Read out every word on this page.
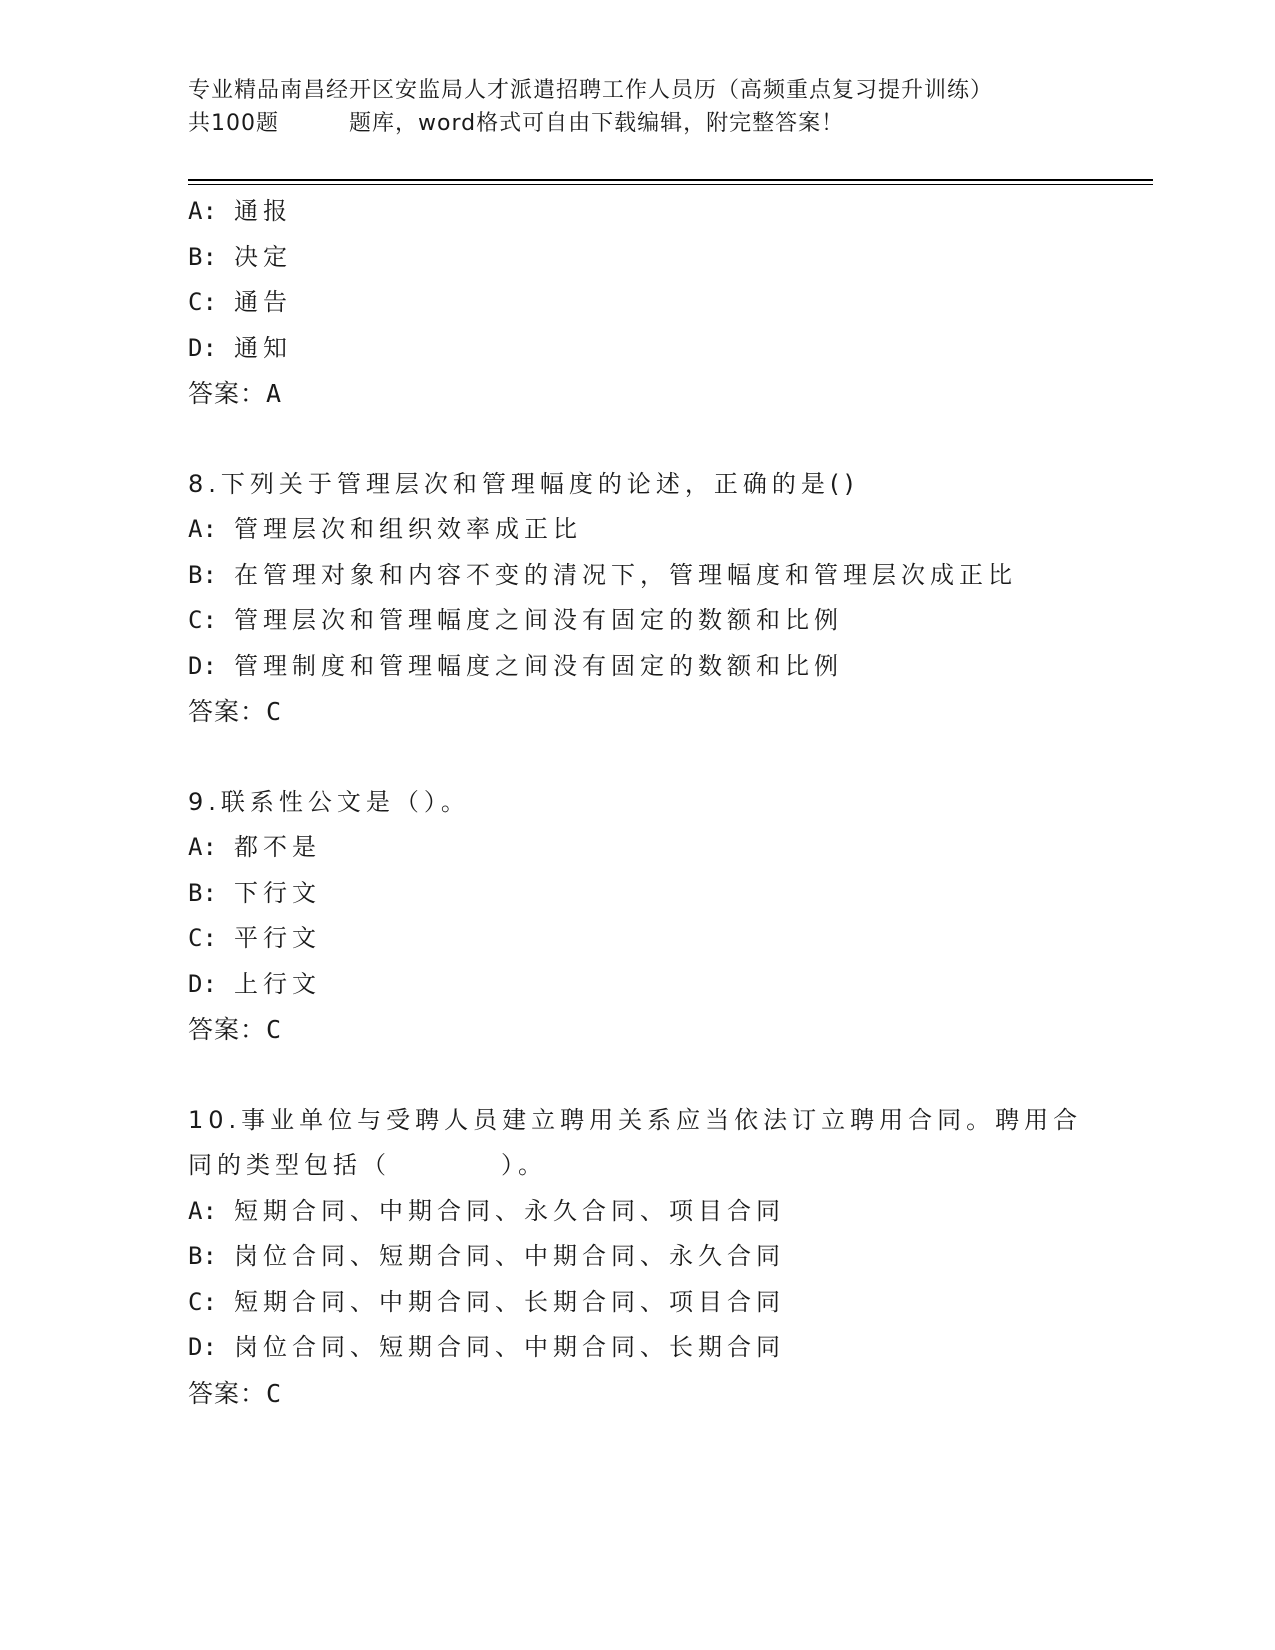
专业精品南昌经开区安监局人才派遣招聘工作人员历（高频重点复习提升训练）
共100题	题库，word格式可自由下载编辑，附完整答案！

A: 通报

B: 决定

C: 通告

D: 通知

答案：A

8.下列关于管理层次和管理幅度的论述，正确的是()

A: 管理层次和组织效率成正比

B: 在管理对象和内容不变的清况下，管理幅度和管理层次成正比

C: 管理层次和管理幅度之间没有固定的数额和比例

D: 管理制度和管理幅度之间没有固定的数额和比例

答案：C

9.联系性公文是（）。

A: 都不是

B: 下行文

C: 平行文

D: 上行文

答案：C

10.事业单位与受聘人员建立聘用关系应当依法订立聘用合同。聘用合

同的类型包括（	）。

A: 短期合同、中期合同、永久合同、项目合同

B: 岗位合同、短期合同、中期合同、永久合同

C: 短期合同、中期合同、长期合同、项目合同

D: 岗位合同、短期合同、中期合同、长期合同

答案：C
